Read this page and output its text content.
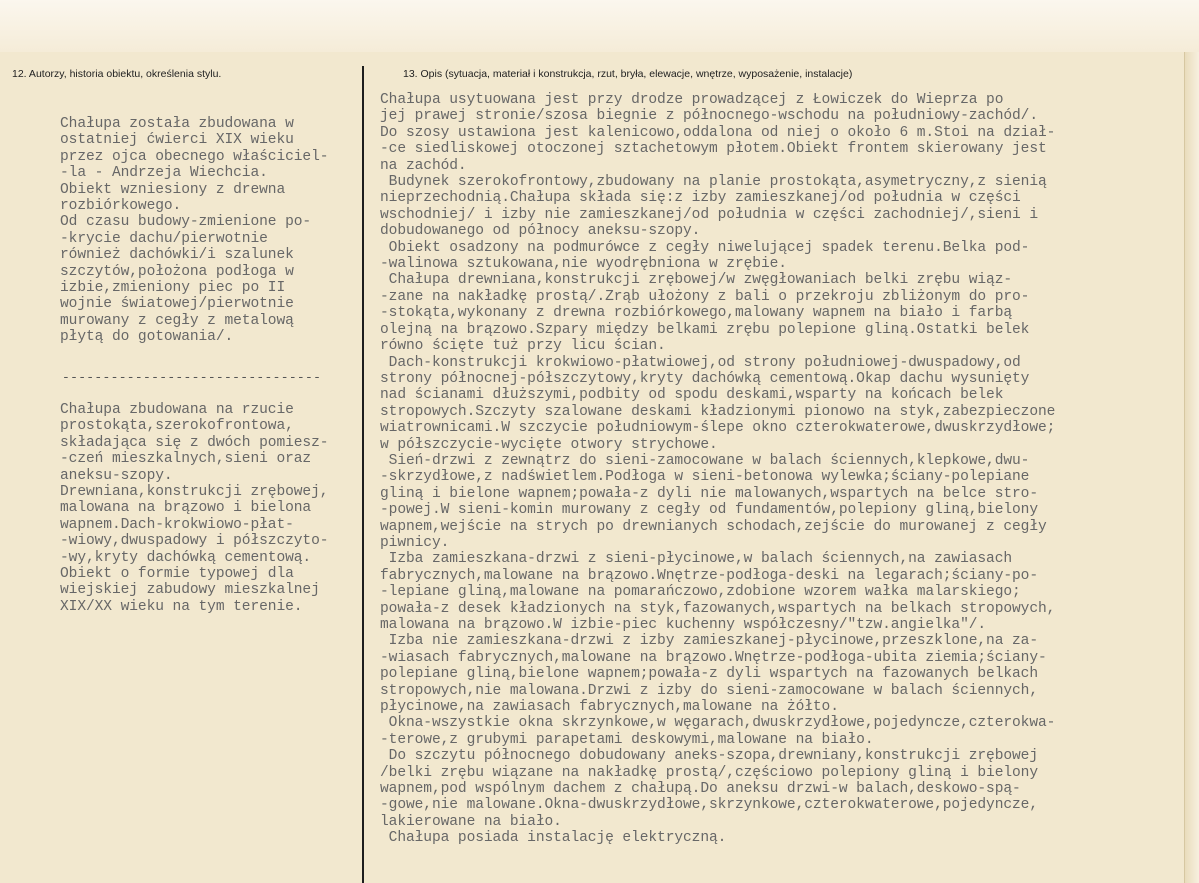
12. Autorzy, historia obiektu, określenia stylu.	13. Opis (sytuacja, materiał i konstrukcja, rzut, bryła, elewacje, wnętrze, wyposażenie, instalacje)
Chałupa została zbudowana w
ostatniej ćwierci XIX wieku
przez ojca obecnego właściciel-
-la - Andrzeja Wiechcia.
Obiekt wzniesiony z drewna
rozbiórkowego.
Od czasu budowy-zmienione po-
-krycie dachu/pierwotnie
również dachówki/i szalunek
szczytów,położona podłoga w
izbie,zmieniony piec po II
wojnie światowej/pierwotnie
murowany z cegły z metalową
płytą do gotowania/.
--------------------------------
Chałupa zbudowana na rzucie
prostokąta,szerokofrontowa,
składająca się z dwóch pomiesz-
-czeń mieszkalnych,sieni oraz
aneksu-szopy.
Drewniana,konstrukcji zrębowej,
malowana na brązowo i bielona
wapnem.Dach-krokwiowo-płat-
-wiowy,dwuspadowy i półszczyto-
-wy,kryty dachówką cementową.
Obiekt o formie typowej dla
wiejskiej zabudowy mieszkalnej
XIX/XX wieku na tym terenie.
Chałupa usytuowana jest przy drodze prowadzącej z Łowiczek do Wieprza po
jej prawej stronie/szosa biegnie z północnego-wschodu na południowy-zachód/.
Do szosy ustawiona jest kalenicowo,oddalona od niej o około 6 m.Stoi na dział-
-ce siedliskowej otoczonej sztachetowym płotem.Obiekt frontem skierowany jest
na zachód.
Budynek szerokofrontowy,zbudowany na planie prostokąta,asymetryczny,z sienią
nieprzechodnią.Chałupa składa się:z izby zamieszkanej/od południa w części
wschodniej/ i izby nie zamieszkanej/od południa w części zachodniej/,sieni i
dobudowanego od północy aneksu-szopy.
Obiekt osadzony na podmurówce z cegły niwelującej spadek terenu.Belka pod-
-walinowa sztukowana,nie wyodrębniona w zrębie.
Chałupa drewniana,konstrukcji zrębowej/w zwęgłowaniach belki zrębu wiąz-
-zane na nakładkę prostą/.Zrąb ułożony z bali o przekroju zbliżonym do pro-
-stokąta,wykonany z drewna rozbiórkowego,malowany wapnem na biało i farbą
olejną na brązowo.Szpary między belkami zrębu polepione gliną.Ostatki belek
równo ścięte tuż przy licu ścian.
Dach-konstrukcji krokwiowo-płatwiowej,od strony południowej-dwuspadowy,od
strony północnej-półszczytowy,kryty dachówką cementową.Okap dachu wysunięty
nad ścianami dłuższymi,podbity od spodu deskami,wsparty na końcach belek
stropowych.Szczyty szalowane deskami kładzionymi pionowo na styk,zabezpieczone
wiatrownicami.W szczycie południowym-ślepe okno czterokwaterowe,dwuskrzydłowe;
w półszczycie-wycięte otwory strychowe.
Sień-drzwi z zewnątrz do sieni-zamocowane w balach ściennych,klepkowe,dwu-
-skrzydłowe,z nadświetlem.Podłoga w sieni-betonowa wylewka;ściany-polepiane
gliną i bielone wapnem;powała-z dyli nie malowanych,wspartych na belce stro-
-powej.W sieni-komin murowany z cegły od fundamentów,polepiony gliną,bielony
wapnem,wejście na strych po drewnianych schodach,zejście do murowanej z cegły
piwnicy.
Izba zamieszkana-drzwi z sieni-płycinowe,w balach ściennych,na zawiasach
fabrycznych,malowane na brązowo.Wnętrze-podłoga-deski na legarach;ściany-po-
-lepiane gliną,malowane na pomarańczowo,zdobione wzorem wałka malarskiego;
powała-z desek kładzionych na styk,fazowanych,wspartych na belkach stropowych,
malowana na brązowo.W izbie-piec kuchenny współczesny/"tzw.angielka"/.
Izba nie zamieszkana-drzwi z izby zamieszkanej-płycinowe,przeszklone,na za-
-wiasach fabrycznych,malowane na brązowo.Wnętrze-podłoga-ubita ziemia;ściany-
polepiane gliną,bielone wapnem;powała-z dyli wspartych na fazowanych belkach
stropowych,nie malowana.Drzwi z izby do sieni-zamocowane w balach ściennych,
płycinowe,na zawiasach fabrycznych,malowane na żółto.
Okna-wszystkie okna skrzynkowe,w węgarach,dwuskrzydłowe,pojedyncze,czterokwa-
-terowe,z grubymi parapetami deskowymi,malowane na biało.
Do szczytu północnego dobudowany aneks-szopa,drewniany,konstrukcji zrębowej
/belki zrębu wiązane na nakładkę prostą/,częściowo polepiony gliną i bielony
wapnem,pod wspólnym dachem z chałupą.Do aneksu drzwi-w balach,deskowo-spą-
-gowe,nie malowane.Okna-dwuskrzydłowe,skrzynkowe,czterokwaterowe,pojedyncze,
lakierowane na biało.
Chałupa posiada instalację elektryczną.
